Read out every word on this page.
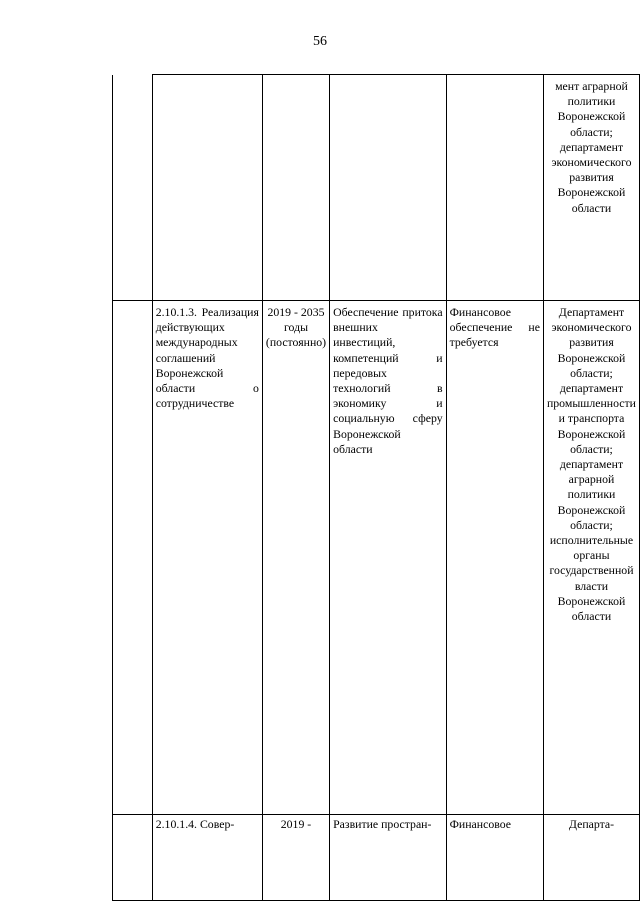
56

					мент аграрной политики Воронежской области; департамент экономического развития Воронежской области

	2.10.1.3. Реализация действующих международных соглашений Воронежской области о сотрудничестве	2019 - 2035 годы (постоянно)	Обеспечение притока внешних инвестиций, компетенций и передовых технологий в экономику и социальную сферу Воронежской области	Финансовое обеспечение не требуется	Департамент экономического развития Воронежской области; департамент промышленности и транспорта Воронежской области; департамент аграрной политики Воронежской области; исполнительные органы государственной власти Воронежской области

	2.10.1.4. Совер-	2019 -	Развитие простран-	Финансовое	Департа-
